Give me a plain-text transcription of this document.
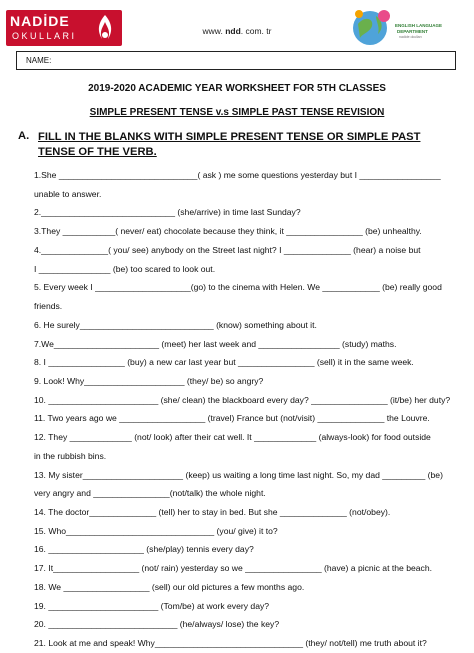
NADİDE
OKULLARI	www. ndd. com. tr
ENGLISH LANGUAGE
DEPARTMENT
nadide okulları
NAME:
2019-2020 ACADEMIC YEAR WORKSHEET FOR 5TH CLASSES
SIMPLE PRESENT TENSE v.s SIMPLE PAST TENSE REVISION
A. FILL IN THE BLANKS WITH SIMPLE PRESENT TENSE OR SIMPLE PAST
TENSE OF THE VERB.
1.She _____________________________( ask ) me some questions yesterday but I _________________
unable to answer.
2.____________________________ (she/arrive) in time last Sunday?
3.They ___________( never/ eat) chocolate because they think, it ________________ (be) unhealthy.
4.______________( you/ see) anybody on the Street last night? I ______________ (hear) a noise but
I _______________ (be) too scared to look out.
5. Every week I ____________________(go) to the cinema with Helen. We ____________ (be) really good
friends.
6. He surely____________________________ (know) something about it.
7.We______________________ (meet) her last week and _________________ (study) maths.
8. I ________________ (buy) a new car last year but ________________ (sell) it in the same week.
9. Look! Why_____________________ (they/ be) so angry?
10. _______________________ (she/ clean) the blackboard every day? ________________ (it/be) her duty?
11. Two years ago we __________________ (travel) France but (not/visit) ______________ the Louvre.
12. They _____________ (not/ look) after their cat well. It _____________ (always-look) for food outside
in the rubbish bins.
13. My sister_____________________ (keep) us waiting a long time last night. So, my dad _________ (be)
very angry and ________________(not/talk) the whole night.
14. The doctor______________ (tell) her to stay in bed. But she ______________ (not/obey).
15. Who_______________________________ (you/ give) it to?
16. ____________________ (she/play) tennis every day?
17. It__________________ (not/ rain) yesterday so we ________________ (have) a picnic at the beach.
18. We __________________ (sell) our old pictures a few months ago.
19. _______________________ (Tom/be) at work every day?
20. ___________________________ (he/always/ lose) the key?
21. Look at me and speak! Why_______________________________ (they/ not/tell) me truth about it?
